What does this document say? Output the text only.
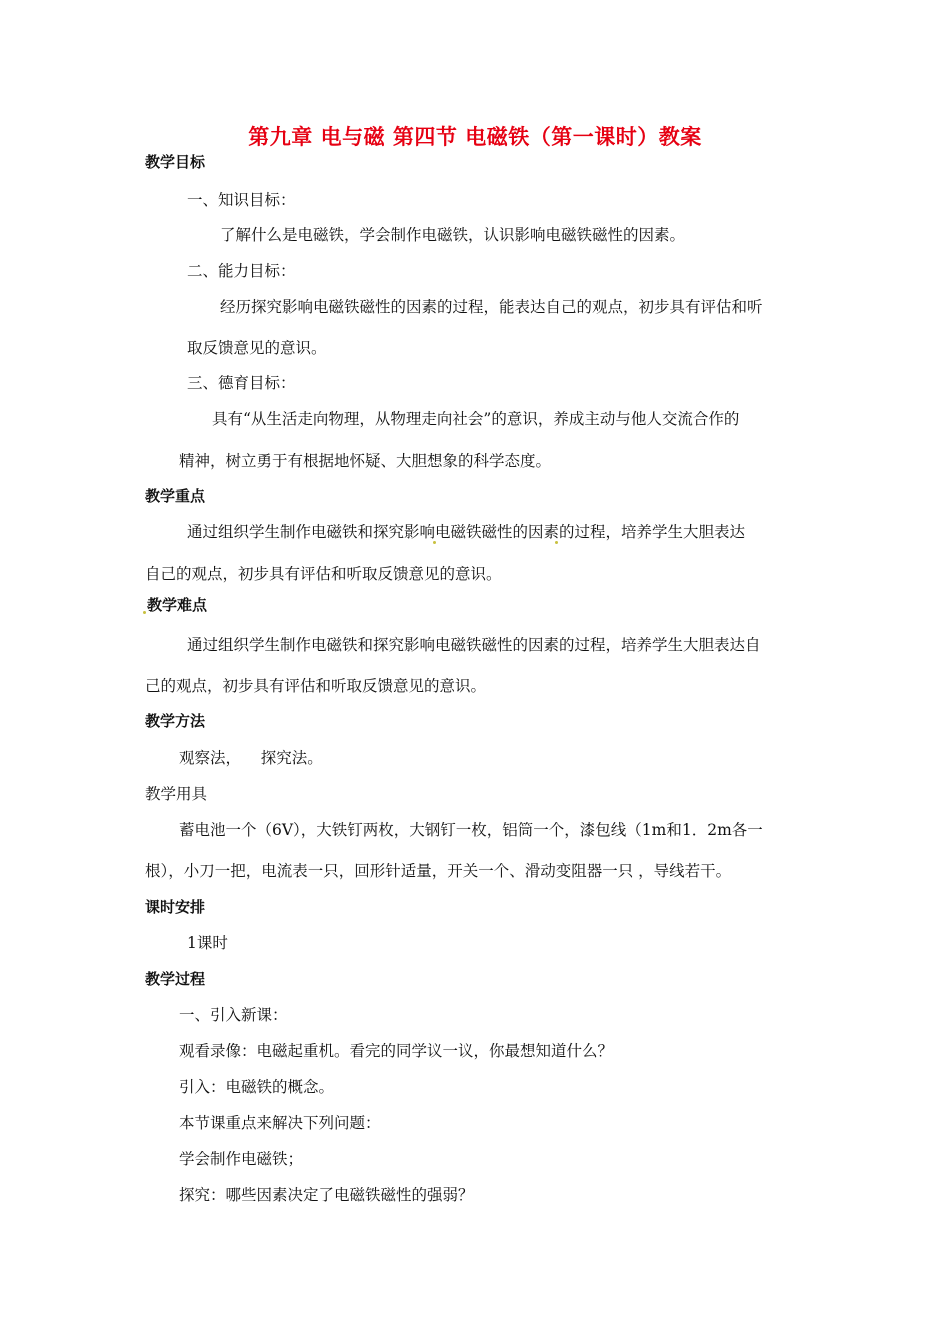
第九章 电与磁 第四节 电磁铁（第一课时）教案
教学目标
一、知识目标：
了解什么是电磁铁，学会制作电磁铁，认识影响电磁铁磁性的因素。
二、能力目标：
经历探究影响电磁铁磁性的因素的过程，能表达自己的观点，初步具有评估和听
取反馈意见的意识。
三、德育目标：
具有“从生活走向物理，从物理走向社会”的意识，养成主动与他人交流合作的
精神，树立勇于有根据地怀疑、大胆想象的科学态度。
教学重点
通过组织学生制作电磁铁和探究影响电磁铁磁性的因素的过程，培养学生大胆表达
自己的观点，初步具有评估和听取反馈意见的意识。
教学难点
通过组织学生制作电磁铁和探究影响电磁铁磁性的因素的过程，培养学生大胆表达自
己的观点，初步具有评估和听取反馈意见的意识。
教学方法
观察法，    探究法。
教学用具
蓄电池一个（6V），大铁钉两枚，大钢钉一枚，铝筒一个，漆包线（1m和1．2m各一
根），小刀一把，电流表一只，回形针适量，开关一个、滑动变阻器一只 ，导线若干。
课时安排
1课时
教学过程
一、引入新课：
观看录像：电磁起重机。看完的同学议一议，你最想知道什么？
引入：电磁铁的概念。
本节课重点来解决下列问题：
学会制作电磁铁；
探究：哪些因素决定了电磁铁磁性的强弱？
